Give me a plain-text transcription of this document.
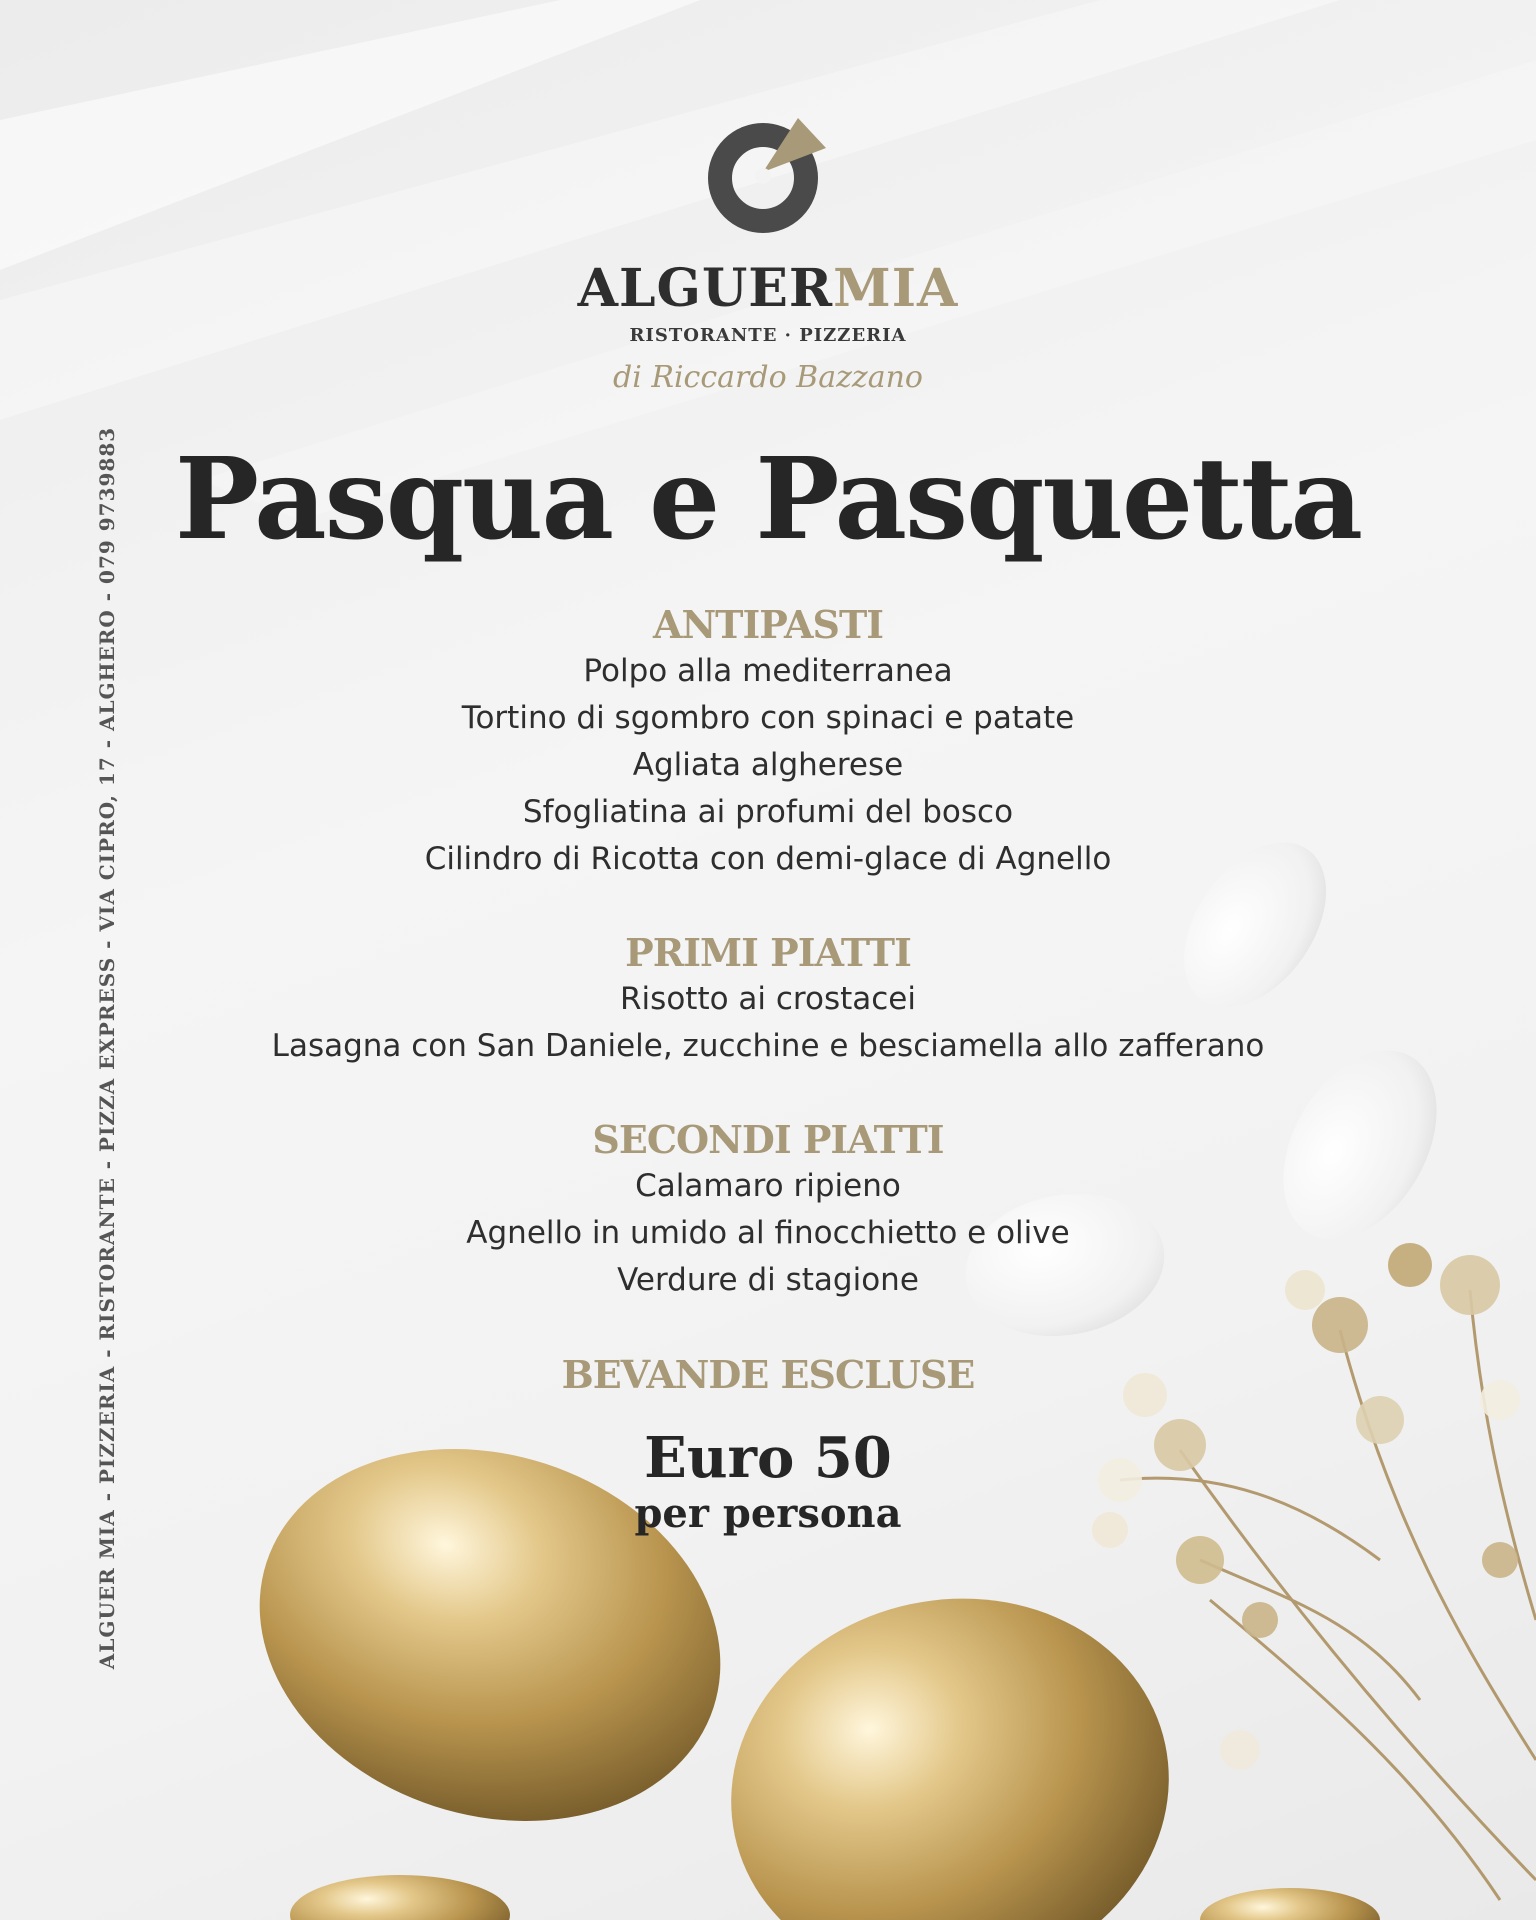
ALGUERMIA
RISTORANTE · PIZZERIA
di Riccardo Bazzano
Pasqua e Pasquetta

ANTIPASTI

Polpo alla mediterranea

Tortino di sgombro con spinaci e patate

Agliata algherese

Sfogliatina ai profumi del bosco

Cilindro di Ricotta con demi-glace di Agnello

PRIMI PIATTI

Risotto ai crostacei

Lasagna con San Daniele, zucchine e besciamella allo zafferano

SECONDI PIATTI

Calamaro ripieno

Agnello in umido al finocchietto e olive

Verdure di stagione

BEVANDE ESCLUSE

Euro 50
per persona
ALGUER MIA - PIZZERIA - RISTORANTE - PIZZA EXPRESS - VIA CIPRO, 17 - ALGHERO - 079 9739883
